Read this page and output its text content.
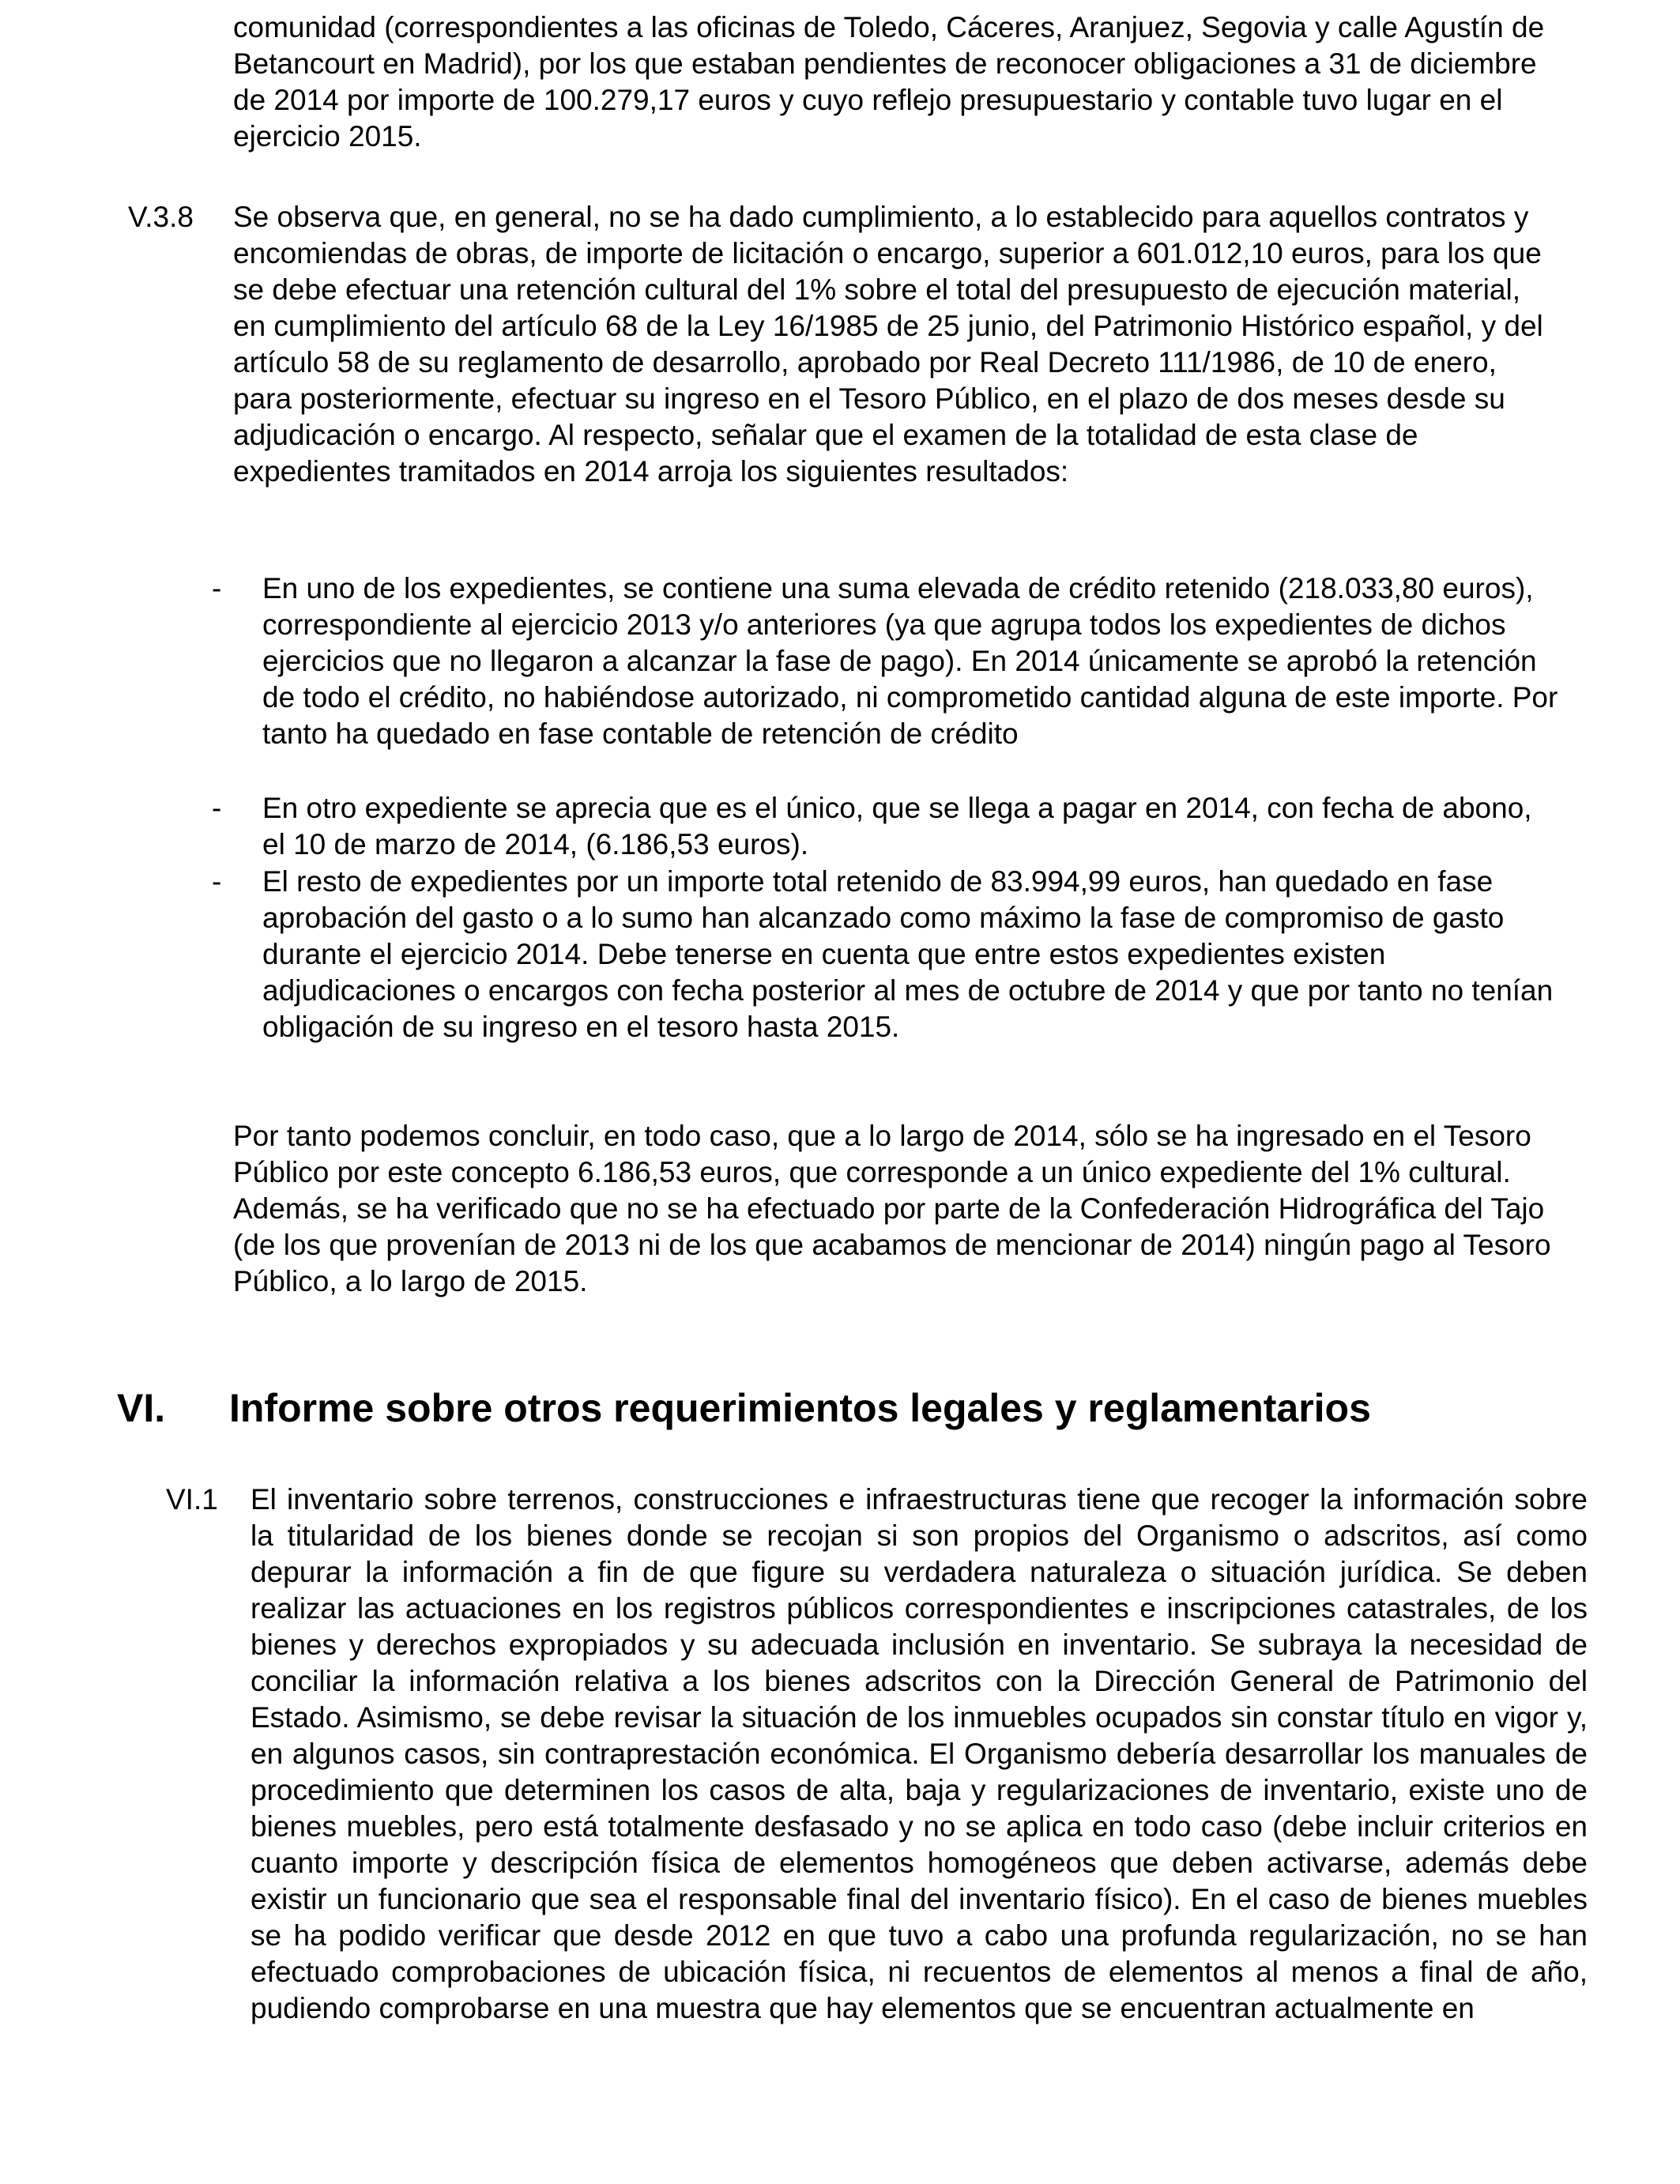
comunidad (correspondientes a las oficinas de Toledo, Cáceres, Aranjuez, Segovia y calle Agustín de Betancourt en Madrid), por los que estaban pendientes de reconocer obligaciones a 31 de diciembre de 2014 por importe de 100.279,17 euros y cuyo reflejo presupuestario y contable tuvo lugar en el ejercicio 2015.

V.3.8 Se observa que, en general, no se ha dado cumplimiento, a lo establecido para aquellos contratos y encomiendas de obras, de importe de licitación o encargo, superior a 601.012,10 euros, para los que se debe efectuar una retención cultural del 1% sobre el total del presupuesto de ejecución material, en cumplimiento del artículo 68 de la Ley 16/1985 de 25 junio, del Patrimonio Histórico español, y del artículo 58 de su reglamento de desarrollo, aprobado por Real Decreto 111/1986, de 10 de enero, para posteriormente, efectuar su ingreso en el Tesoro Público, en el plazo de dos meses desde su adjudicación o encargo. Al respecto, señalar que el examen de la totalidad de esta clase de expedientes tramitados en 2014 arroja los siguientes resultados:

- En uno de los expedientes, se contiene una suma elevada de crédito retenido (218.033,80 euros), correspondiente al ejercicio 2013 y/o anteriores (ya que agrupa todos los expedientes de dichos ejercicios que no llegaron a alcanzar la fase de pago). En 2014 únicamente se aprobó la retención de todo el crédito, no habiéndose autorizado, ni comprometido cantidad alguna de este importe. Por tanto ha quedado en fase contable de retención de crédito

- En otro expediente se aprecia que es el único, que se llega a pagar en 2014, con fecha de abono, el 10 de marzo de 2014, (6.186,53 euros).

- El resto de expedientes por un importe total retenido de 83.994,99 euros, han quedado en fase aprobación del gasto o a lo sumo han alcanzado como máximo la fase de compromiso de gasto durante el ejercicio 2014. Debe tenerse en cuenta que entre estos expedientes existen adjudicaciones o encargos con fecha posterior al mes de octubre de 2014 y que por tanto no tenían obligación de su ingreso en el tesoro hasta 2015.

Por tanto podemos concluir, en todo caso, que a lo largo de 2014, sólo se ha ingresado en el Tesoro Público por este concepto 6.186,53 euros, que corresponde a un único expediente del 1% cultural. Además, se ha verificado que no se ha efectuado por parte de la Confederación Hidrográfica del Tajo (de los que provenían de 2013 ni de los que acabamos de mencionar de 2014) ningún pago al Tesoro Público, a lo largo de 2015.

VI. Informe sobre otros requerimientos legales y reglamentarios
VI.1 El inventario sobre terrenos, construcciones e infraestructuras tiene que recoger la información sobre la titularidad de los bienes donde se recojan si son propios del Organismo o adscritos, así como depurar la información a fin de que figure su verdadera naturaleza o situación jurídica. Se deben realizar las actuaciones en los registros públicos correspondientes e inscripciones catastrales, de los bienes y derechos expropiados y su adecuada inclusión en inventario. Se subraya la necesidad de conciliar la información relativa a los bienes adscritos con la Dirección General de Patrimonio del Estado. Asimismo, se debe revisar la situación de los inmuebles ocupados sin constar título en vigor y, en algunos casos, sin contraprestación económica. El Organismo debería desarrollar los manuales de procedimiento que determinen los casos de alta, baja y regularizaciones de inventario, existe uno de bienes muebles, pero está totalmente desfasado y no se aplica en todo caso (debe incluir criterios en cuanto importe y descripción física de elementos homogéneos que deben activarse, además debe existir un funcionario que sea el responsable final del inventario físico). En el caso de bienes muebles se ha podido verificar que desde 2012 en que tuvo a cabo una profunda regularización, no se han efectuado comprobaciones de ubicación física, ni recuentos de elementos al menos a final de año, pudiendo comprobarse en una muestra que hay elementos que se encuentran actualmente en
